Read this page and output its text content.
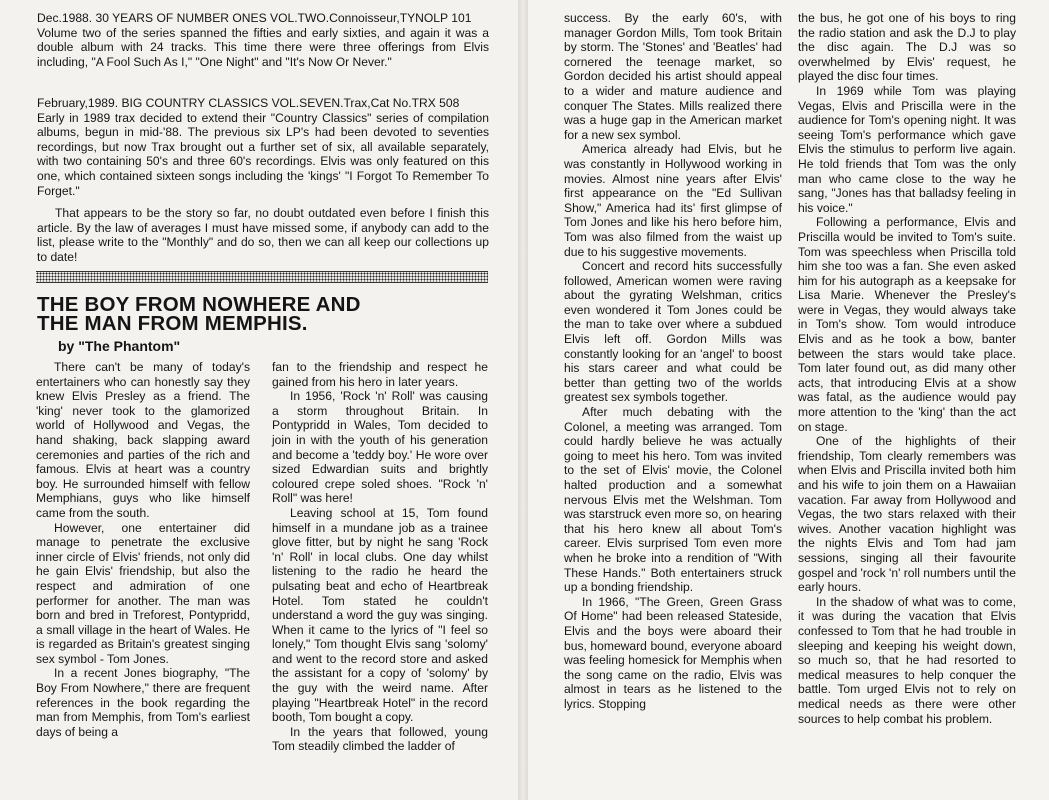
Dec.1988. 30 YEARS OF NUMBER ONES VOL.TWO.Connoisseur,TYNOLP 101

Volume two of the series spanned the fifties and early sixties, and again it was a double album with 24 tracks. This time there were three offerings from Elvis including, "A Fool Such As I," "One Night" and "It's Now Or Never."

February,1989. BIG COUNTRY CLASSICS VOL.SEVEN.Trax,Cat No.TRX 508

Early in 1989 trax decided to extend their "Country Classics" series of compilation albums, begun in mid-'88. The previous six LP's had been devoted to seventies recordings, but now Trax brought out a further set of six, all available separately, with two containing 50's and three 60's recordings. Elvis was only featured on this one, which contained sixteen songs including the 'kings' "I Forgot To Remember To Forget."

That appears to be the story so far, no doubt outdated even before I finish this article. By the law of averages I must have missed some, if anybody can add to the list, please write to the "Monthly" and do so, then we can all keep our collections up to date!

THE BOY FROM NOWHERE AND
THE MAN FROM MEMPHIS.

by "The Phantom"

There can't be many of today's entertainers who can honestly say they knew Elvis Presley as a friend. The 'king' never took to the glamorized world of Hollywood and Vegas, the hand shaking, back slapping award ceremonies and parties of the rich and famous. Elvis at heart was a country boy. He surrounded himself with fellow Memphians, guys who like himself came from the south.

However, one entertainer did manage to penetrate the exclusive inner circle of Elvis' friends, not only did he gain Elvis' friendship, but also the respect and admiration of one performer for another. The man was born and bred in Treforest, Pontypridd, a small village in the heart of Wales. He is regarded as Britain's greatest singing sex symbol - Tom Jones.

In a recent Jones biography, "The Boy From Nowhere," there are frequent references in the book regarding the man from Memphis, from Tom's earliest days of being a

fan to the friendship and respect he gained from his hero in later years.

In 1956, 'Rock 'n' Roll' was causing a storm throughout Britain. In Pontypridd in Wales, Tom decided to join in with the youth of his generation and become a 'teddy boy.' He wore over sized Edwardian suits and brightly coloured crepe soled shoes. "Rock 'n' Roll" was here!

Leaving school at 15, Tom found himself in a mundane job as a trainee glove fitter, but by night he sang 'Rock 'n' Roll' in local clubs. One day whilst listening to the radio he heard the pulsating beat and echo of Heartbreak Hotel. Tom stated he couldn't understand a word the guy was singing. When it came to the lyrics of "I feel so lonely," Tom thought Elvis sang 'solomy' and went to the record store and asked the assistant for a copy of 'solomy' by the guy with the weird name. After playing "Heartbreak Hotel" in the record booth, Tom bought a copy.

In the years that followed, young Tom steadily climbed the ladder of

success. By the early 60's, with manager Gordon Mills, Tom took Britain by storm. The 'Stones' and 'Beatles' had cornered the teenage market, so Gordon decided his artist should appeal to a wider and mature audience and conquer The States. Mills realized there was a huge gap in the American market for a new sex symbol.

America already had Elvis, but he was constantly in Hollywood working in movies. Almost nine years after Elvis' first appearance on the "Ed Sullivan Show," America had its' first glimpse of Tom Jones and like his hero before him, Tom was also filmed from the waist up due to his suggestive movements.

Concert and record hits successfully followed, American women were raving about the gyrating Welshman, critics even wondered it Tom Jones could be the man to take over where a subdued Elvis left off. Gordon Mills was constantly looking for an 'angel' to boost his stars career and what could be better than getting two of the worlds greatest sex symbols together.

After much debating with the Colonel, a meeting was arranged. Tom could hardly believe he was actually going to meet his hero. Tom was invited to the set of Elvis' movie, the Colonel halted production and a somewhat nervous Elvis met the Welshman. Tom was starstruck even more so, on hearing that his hero knew all about Tom's career. Elvis surprised Tom even more when he broke into a rendition of "With These Hands." Both entertainers struck up a bonding friendship.

In 1966, "The Green, Green Grass Of Home" had been released Stateside, Elvis and the boys were aboard their bus, homeward bound, everyone aboard was feeling homesick for Memphis when the song came on the radio, Elvis was almost in tears as he listened to the lyrics. Stopping

the bus, he got one of his boys to ring the radio station and ask the D.J to play the disc again. The D.J was so overwhelmed by Elvis' request, he played the disc four times.

In 1969 while Tom was playing Vegas, Elvis and Priscilla were in the audience for Tom's opening night. It was seeing Tom's performance which gave Elvis the stimulus to perform live again. He told friends that Tom was the only man who came close to the way he sang, "Jones has that balladsy feeling in his voice."

Following a performance, Elvis and Priscilla would be invited to Tom's suite. Tom was speechless when Priscilla told him she too was a fan. She even asked him for his autograph as a keepsake for Lisa Marie. Whenever the Presley's were in Vegas, they would always take in Tom's show. Tom would introduce Elvis and as he took a bow, banter between the stars would take place. Tom later found out, as did many other acts, that introducing Elvis at a show was fatal, as the audience would pay more attention to the 'king' than the act on stage.

One of the highlights of their friendship, Tom clearly remembers was when Elvis and Priscilla invited both him and his wife to join them on a Hawaiian vacation. Far away from Hollywood and Vegas, the two stars relaxed with their wives. Another vacation highlight was the nights Elvis and Tom had jam sessions, singing all their favourite gospel and 'rock 'n' roll numbers until the early hours.

In the shadow of what was to come, it was during the vacation that Elvis confessed to Tom that he had trouble in sleeping and keeping his weight down, so much so, that he had resorted to medical measures to help conquer the battle. Tom urged Elvis not to rely on medical needs as there were other sources to help combat his problem.
